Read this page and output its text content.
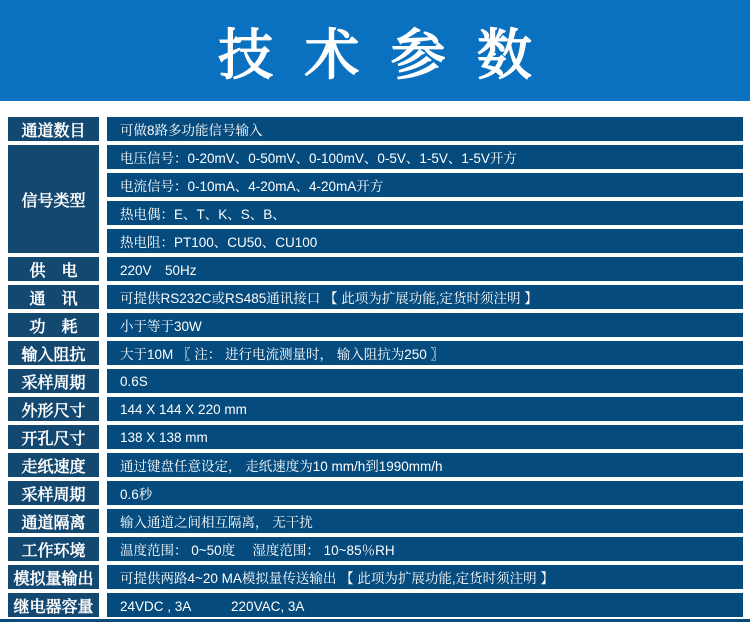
技 术 参 数
通道数目	可做8路多功能信号输入
信号类型
电压信号：0-20mV、0-50mV、0-100mV、0-5V、1-5V、1-5V开方
电流信号：0-10mA、4-20mA、4-20mA开方
热电偶：E、T、K、S、B、
热电阻：PT100、CU50、CU100
供　电	220V　50Hz
通　讯	可提供RS232C或RS485通讯接口 【 此项为扩展功能,定货时须注明 】
功　耗	小于等于30W
输入阻抗	大于10M 〖 注： 进行电流测量时， 输入阻抗为250 〗
采样周期	0.6S
外形尺寸	144 X 144 X 220 mm
开孔尺寸	138 X 138 mm
走纸速度	通过键盘任意设定， 走纸速度为10 mm/h到1990mm/h
采样周期	0.6秒
通道隔离	输入通道之间相互隔离， 无干扰
工作环境	温度范围： 0~50度　 湿度范围： 10~85％RH
模拟量输出	可提供两路4~20 MA模拟量传送输出 【 此项为扩展功能,定货时须注明 】
继电器容量	24VDC , 3A　　　220VAC, 3A
